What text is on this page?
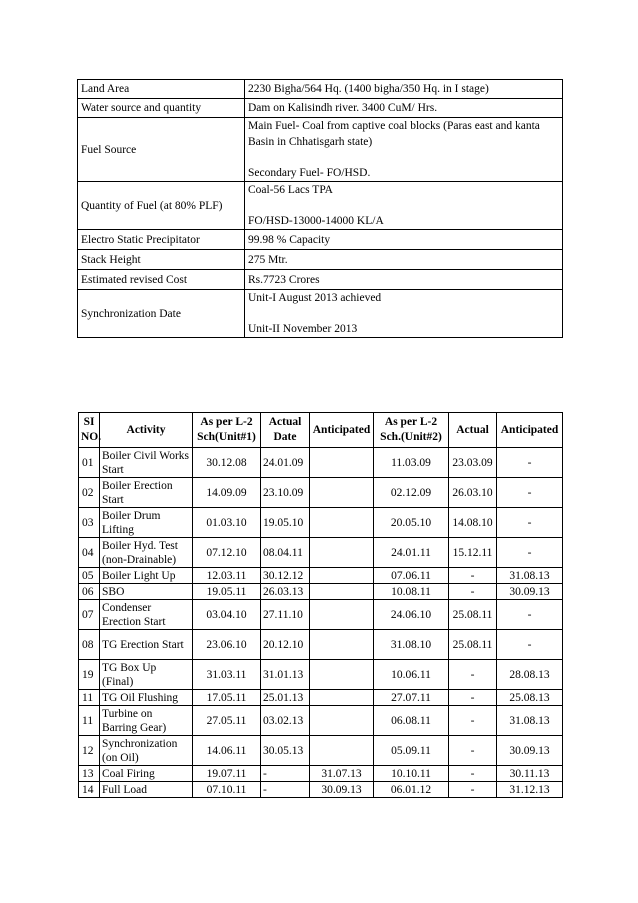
Land Area	2230 Bigha/564 Hq. (1400 bigha/350 Hq. in I stage)
Water source and quantity	Dam on Kalisindh river. 3400 CuM/ Hrs.
Fuel Source	Main Fuel- Coal from captive coal blocks (Paras east and kanta Basin in Chhatisgarh state)
Secondary Fuel- FO/HSD.
Quantity of Fuel (at 80% PLF)	Coal-56 Lacs TPA
FO/HSD-13000-14000 KL/A
Electro Static Precipitator	99.98 % Capacity
Stack Height	275 Mtr.
Estimated revised Cost	Rs.7723 Crores
Synchronization Date	Unit-I August 2013 achieved
Unit-II November 2013
SI NO.	Activity	As per L-2 Sch(Unit#1)	Actual Date	Anticipated	As per L-2 Sch.(Unit#2)	Actual	Anticipated
01	Boiler Civil Works Start	30.12.08	24.01.09		11.03.09	23.03.09	-
02	Boiler Erection Start	14.09.09	23.10.09		02.12.09	26.03.10	-
03	Boiler Drum Lifting	01.03.10	19.05.10		20.05.10	14.08.10	-
04	Boiler Hyd. Test (non-Drainable)	07.12.10	08.04.11		24.01.11	15.12.11	-
05	Boiler Light Up	12.03.11	30.12.12		07.06.11	-	31.08.13
06	SBO	19.05.11	26.03.13		10.08.11	-	30.09.13
07	Condenser Erection Start	03.04.10	27.11.10		24.06.10	25.08.11	-
08	TG Erection Start	23.06.10	20.12.10		31.08.10	25.08.11	-
19	TG Box Up (Final)	31.03.11	31.01.13		10.06.11	-	28.08.13
11	TG Oil Flushing	17.05.11	25.01.13		27.07.11	-	25.08.13
11	Turbine on Barring Gear)	27.05.11	03.02.13		06.08.11	-	31.08.13
12	Synchronization (on Oil)	14.06.11	30.05.13		05.09.11	-	30.09.13
13	Coal Firing	19.07.11	-	31.07.13	10.10.11	-	30.11.13
14	Full Load	07.10.11	-	30.09.13	06.01.12	-	31.12.13
